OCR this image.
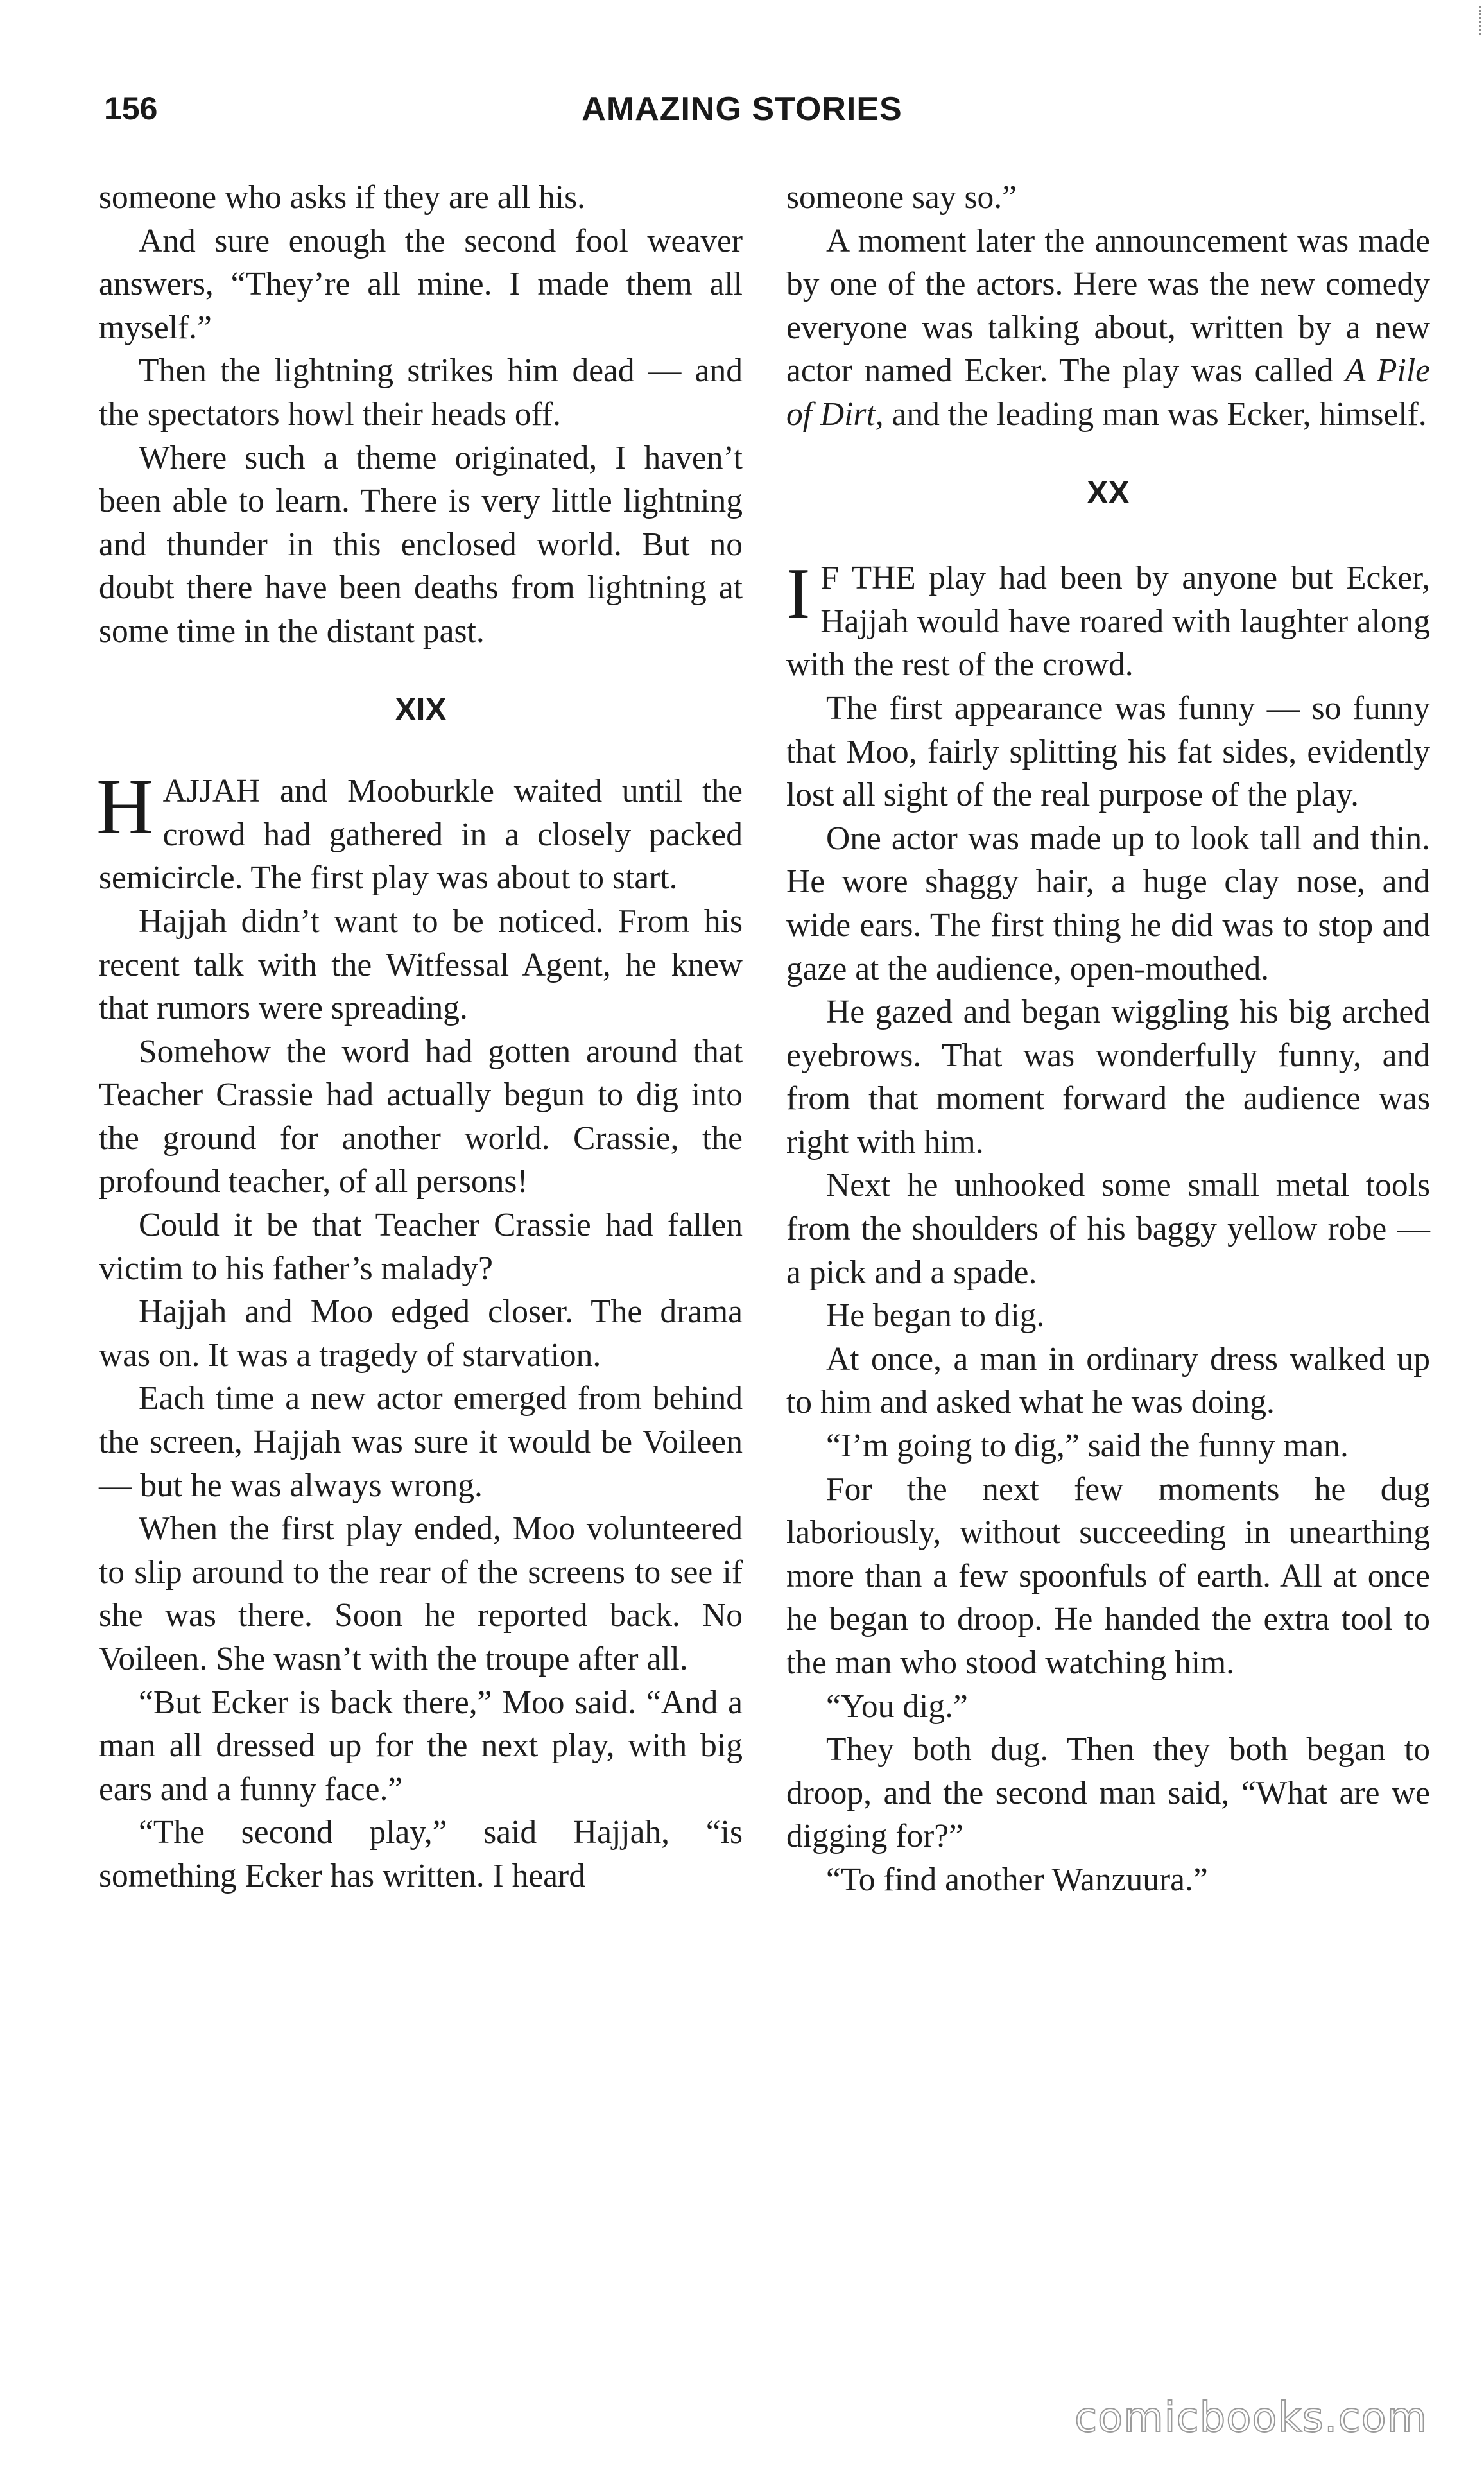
156	AMAZING STORIES

someone who asks if they are all his.

And sure enough the second fool weaver answers, “They’re all mine. I made them all myself.”

Then the lightning strikes him dead — and the spectators howl their heads off.

Where such a theme originated, I haven’t been able to learn. There is very little lightning and thunder in this enclosed world. But no doubt there have been deaths from lightning at some time in the distant past.

XIX

HAJJAH and Mooburkle waited until the crowd had gathered in a closely packed semicircle. The first play was about to start.

Hajjah didn’t want to be noticed. From his recent talk with the Witfessal Agent, he knew that rumors were spreading.

Somehow the word had gotten around that Teacher Crassie had actually begun to dig into the ground for another world. Crassie, the profound teacher, of all persons!

Could it be that Teacher Crassie had fallen victim to his father’s malady?

Hajjah and Moo edged closer. The drama was on. It was a tragedy of starvation.

Each time a new actor emerged from behind the screen, Hajjah was sure it would be Voileen — but he was always wrong.

When the first play ended, Moo volunteered to slip around to the rear of the screens to see if she was there. Soon he reported back. No Voileen. She wasn’t with the troupe after all.

“But Ecker is back there,” Moo said. “And a man all dressed up for the next play, with big ears and a funny face.”

“The second play,” said Hajjah, “is something Ecker has written. I heard

someone say so.”

A moment later the announcement was made by one of the actors. Here was the new comedy everyone was talking about, written by a new actor named Ecker. The play was called A Pile of Dirt, and the leading man was Ecker, himself.

XX

I F THE play had been by anyone but Ecker, Hajjah would have roared with laughter along with the rest of the crowd.

The first appearance was funny — so funny that Moo, fairly splitting his fat sides, evidently lost all sight of the real purpose of the play.

One actor was made up to look tall and thin. He wore shaggy hair, a huge clay nose, and wide ears. The first thing he did was to stop and gaze at the audience, open-mouthed.

He gazed and began wiggling his big arched eyebrows. That was wonderfully funny, and from that moment forward the audience was right with him.

Next he unhooked some small metal tools from the shoulders of his baggy yellow robe — a pick and a spade.

He began to dig.

At once, a man in ordinary dress walked up to him and asked what he was doing.

“I’m going to dig,” said the funny man.

For the next few moments he dug laboriously, without succeeding in unearthing more than a few spoonfuls of earth. All at once he began to droop. He handed the extra tool to the man who stood watching him.

“You dig.”

They both dug. Then they both began to droop, and the second man said, “What are we digging for?”

“To find another Wanzuura.”

comicbooks.com
